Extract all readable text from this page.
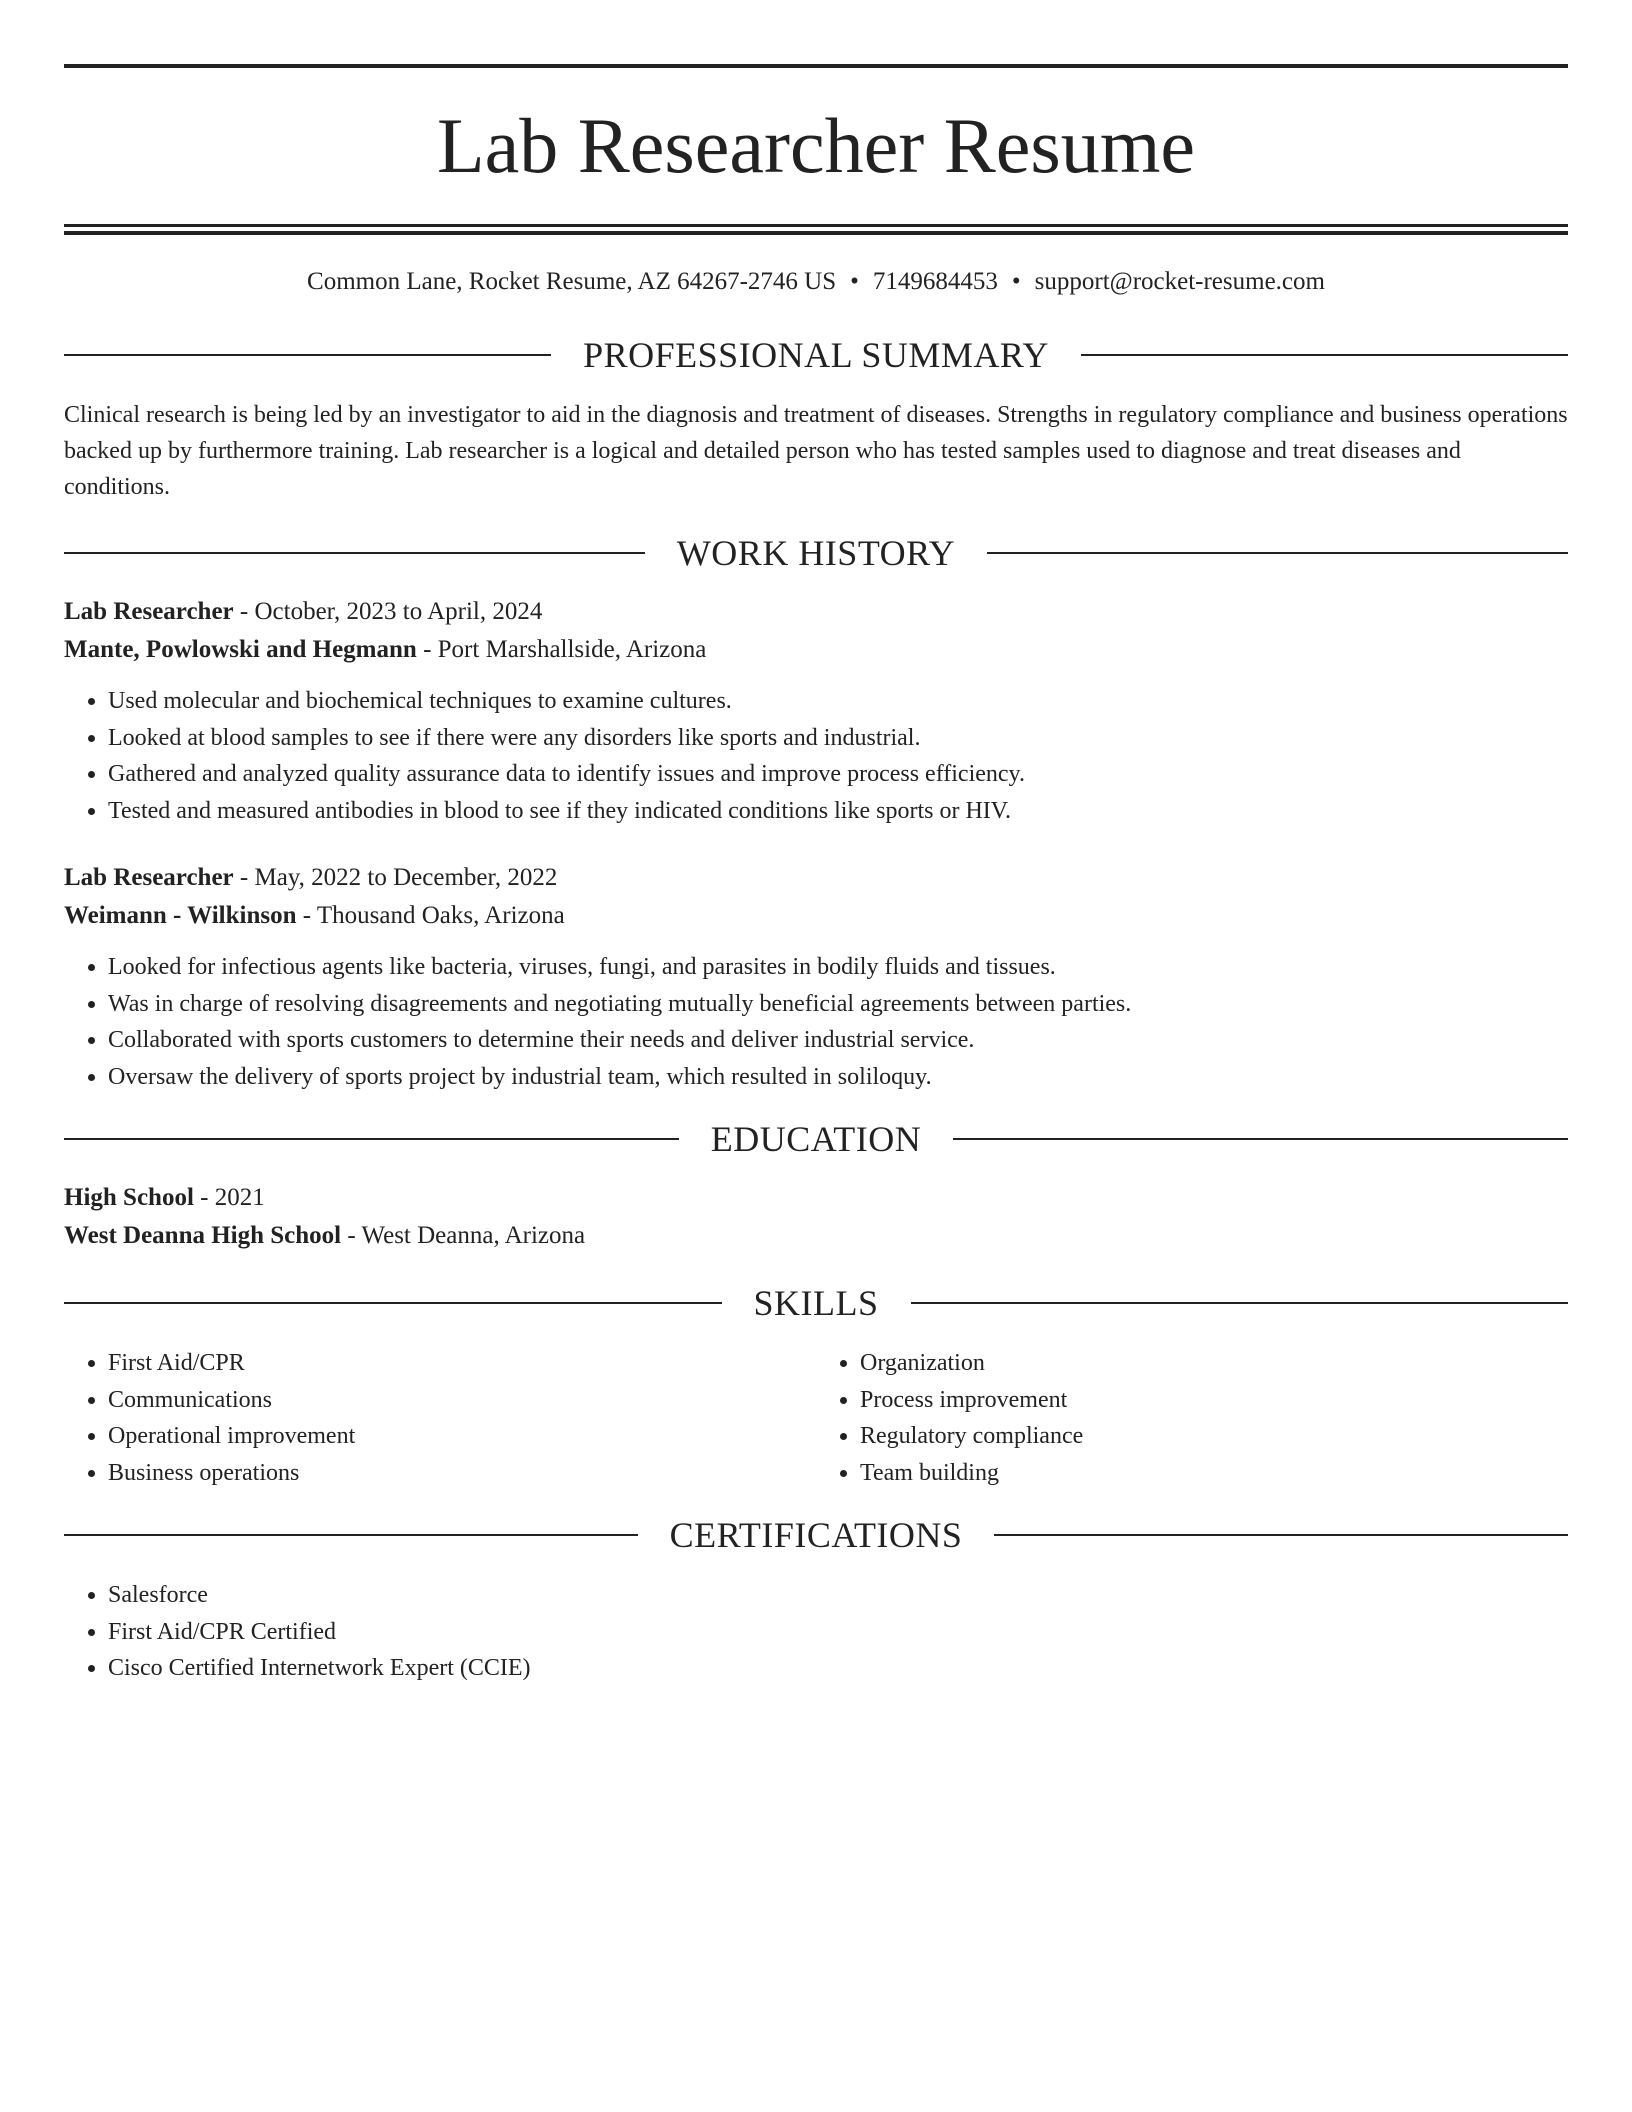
Lab Researcher Resume
Common Lane, Rocket Resume, AZ 64267-2746 US • 7149684453 • support@rocket-resume.com
PROFESSIONAL SUMMARY

Clinical research is being led by an investigator to aid in the diagnosis and treatment of diseases. Strengths in regulatory compliance and business operations backed up by furthermore training. Lab researcher is a logical and detailed person who has tested samples used to diagnose and treat diseases and conditions.

WORK HISTORY
Lab Researcher - October, 2023 to April, 2024
Mante, Powlowski and Hegmann - Port Marshallside, Arizona
• Used molecular and biochemical techniques to examine cultures.
• Looked at blood samples to see if there were any disorders like sports and industrial.
• Gathered and analyzed quality assurance data to identify issues and improve process efficiency.
• Tested and measured antibodies in blood to see if they indicated conditions like sports or HIV.
Lab Researcher - May, 2022 to December, 2022
Weimann - Wilkinson - Thousand Oaks, Arizona
• Looked for infectious agents like bacteria, viruses, fungi, and parasites in bodily fluids and tissues.
• Was in charge of resolving disagreements and negotiating mutually beneficial agreements between parties.
• Collaborated with sports customers to determine their needs and deliver industrial service.
• Oversaw the delivery of sports project by industrial team, which resulted in soliloquy.
EDUCATION
High School - 2021
West Deanna High School - West Deanna, Arizona
SKILLS
• First Aid/CPR
• Communications
• Operational improvement
• Business operations
• Organization
• Process improvement
• Regulatory compliance
• Team building
CERTIFICATIONS
• Salesforce
• First Aid/CPR Certified
• Cisco Certified Internetwork Expert (CCIE)
